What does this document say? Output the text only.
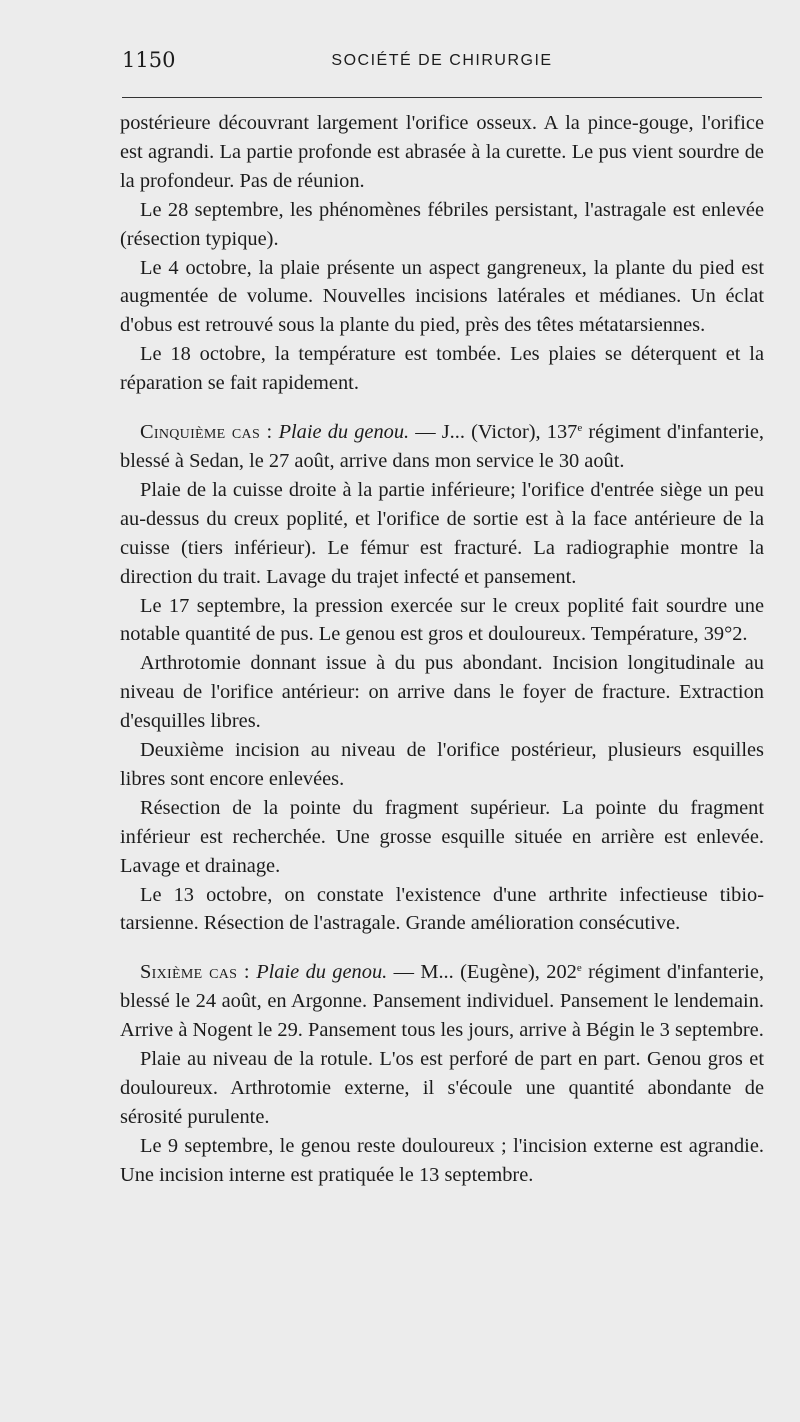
1150	SOCIÉTÉ DE CHIRURGIE

postérieure découvrant largement l'orifice osseux. A la pince-gouge, l'orifice est agrandi. La partie profonde est abrasée à la curette. Le pus vient sourdre de la profondeur. Pas de réunion.

Le 28 septembre, les phénomènes fébriles persistant, l'astragale est enlevée (résection typique).

Le 4 octobre, la plaie présente un aspect gangreneux, la plante du pied est augmentée de volume. Nouvelles incisions latérales et médianes. Un éclat d'obus est retrouvé sous la plante du pied, près des têtes métatarsiennes.

Le 18 octobre, la température est tombée. Les plaies se déterquent et la réparation se fait rapidement.

Cinquième cas : Plaie du genou. — J... (Victor), 137e régiment d'infanterie, blessé à Sedan, le 27 août, arrive dans mon service le 30 août.

Plaie de la cuisse droite à la partie inférieure; l'orifice d'entrée siège un peu au-dessus du creux poplité, et l'orifice de sortie est à la face antérieure de la cuisse (tiers inférieur). Le fémur est fracturé. La radiographie montre la direction du trait. Lavage du trajet infecté et pansement.

Le 17 septembre, la pression exercée sur le creux poplité fait sourdre une notable quantité de pus. Le genou est gros et douloureux. Température, 39°2.

Arthrotomie donnant issue à du pus abondant. Incision longitudinale au niveau de l'orifice antérieur: on arrive dans le foyer de fracture. Extraction d'esquilles libres.

Deuxième incision au niveau de l'orifice postérieur, plusieurs esquilles libres sont encore enlevées.

Résection de la pointe du fragment supérieur. La pointe du fragment inférieur est recherchée. Une grosse esquille située en arrière est enlevée. Lavage et drainage.

Le 13 octobre, on constate l'existence d'une arthrite infectieuse tibio-tarsienne. Résection de l'astragale. Grande amélioration consécutive.

Sixième cas : Plaie du genou. — M... (Eugène), 202e régiment d'infanterie, blessé le 24 août, en Argonne. Pansement individuel. Pansement le lendemain. Arrive à Nogent le 29. Pansement tous les jours, arrive à Bégin le 3 septembre.

Plaie au niveau de la rotule. L'os est perforé de part en part. Genou gros et douloureux. Arthrotomie externe, il s'écoule une quantité abondante de sérosité purulente.

Le 9 septembre, le genou reste douloureux ; l'incision externe est agrandie. Une incision interne est pratiquée le 13 septembre.
